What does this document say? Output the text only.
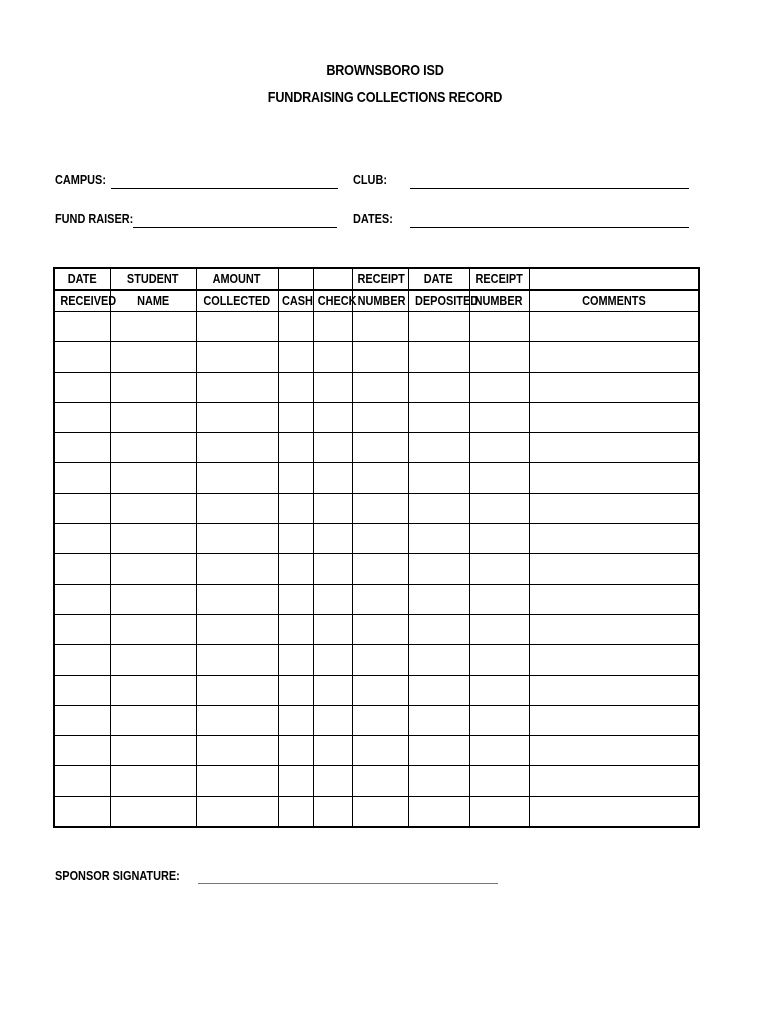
BROWNSBORO ISD
FUNDRAISING COLLECTIONS RECORD
CAMPUS:	CLUB:
FUND RAISER:	DATES:
DATE	STUDENT	AMOUNT			RECEIPT	DATE	RECEIPT	
RECEIVED	NAME	COLLECTED	CASH	CHECK	NUMBER	DEPOSITED	NUMBER	COMMENTS

SPONSOR SIGNATURE:
